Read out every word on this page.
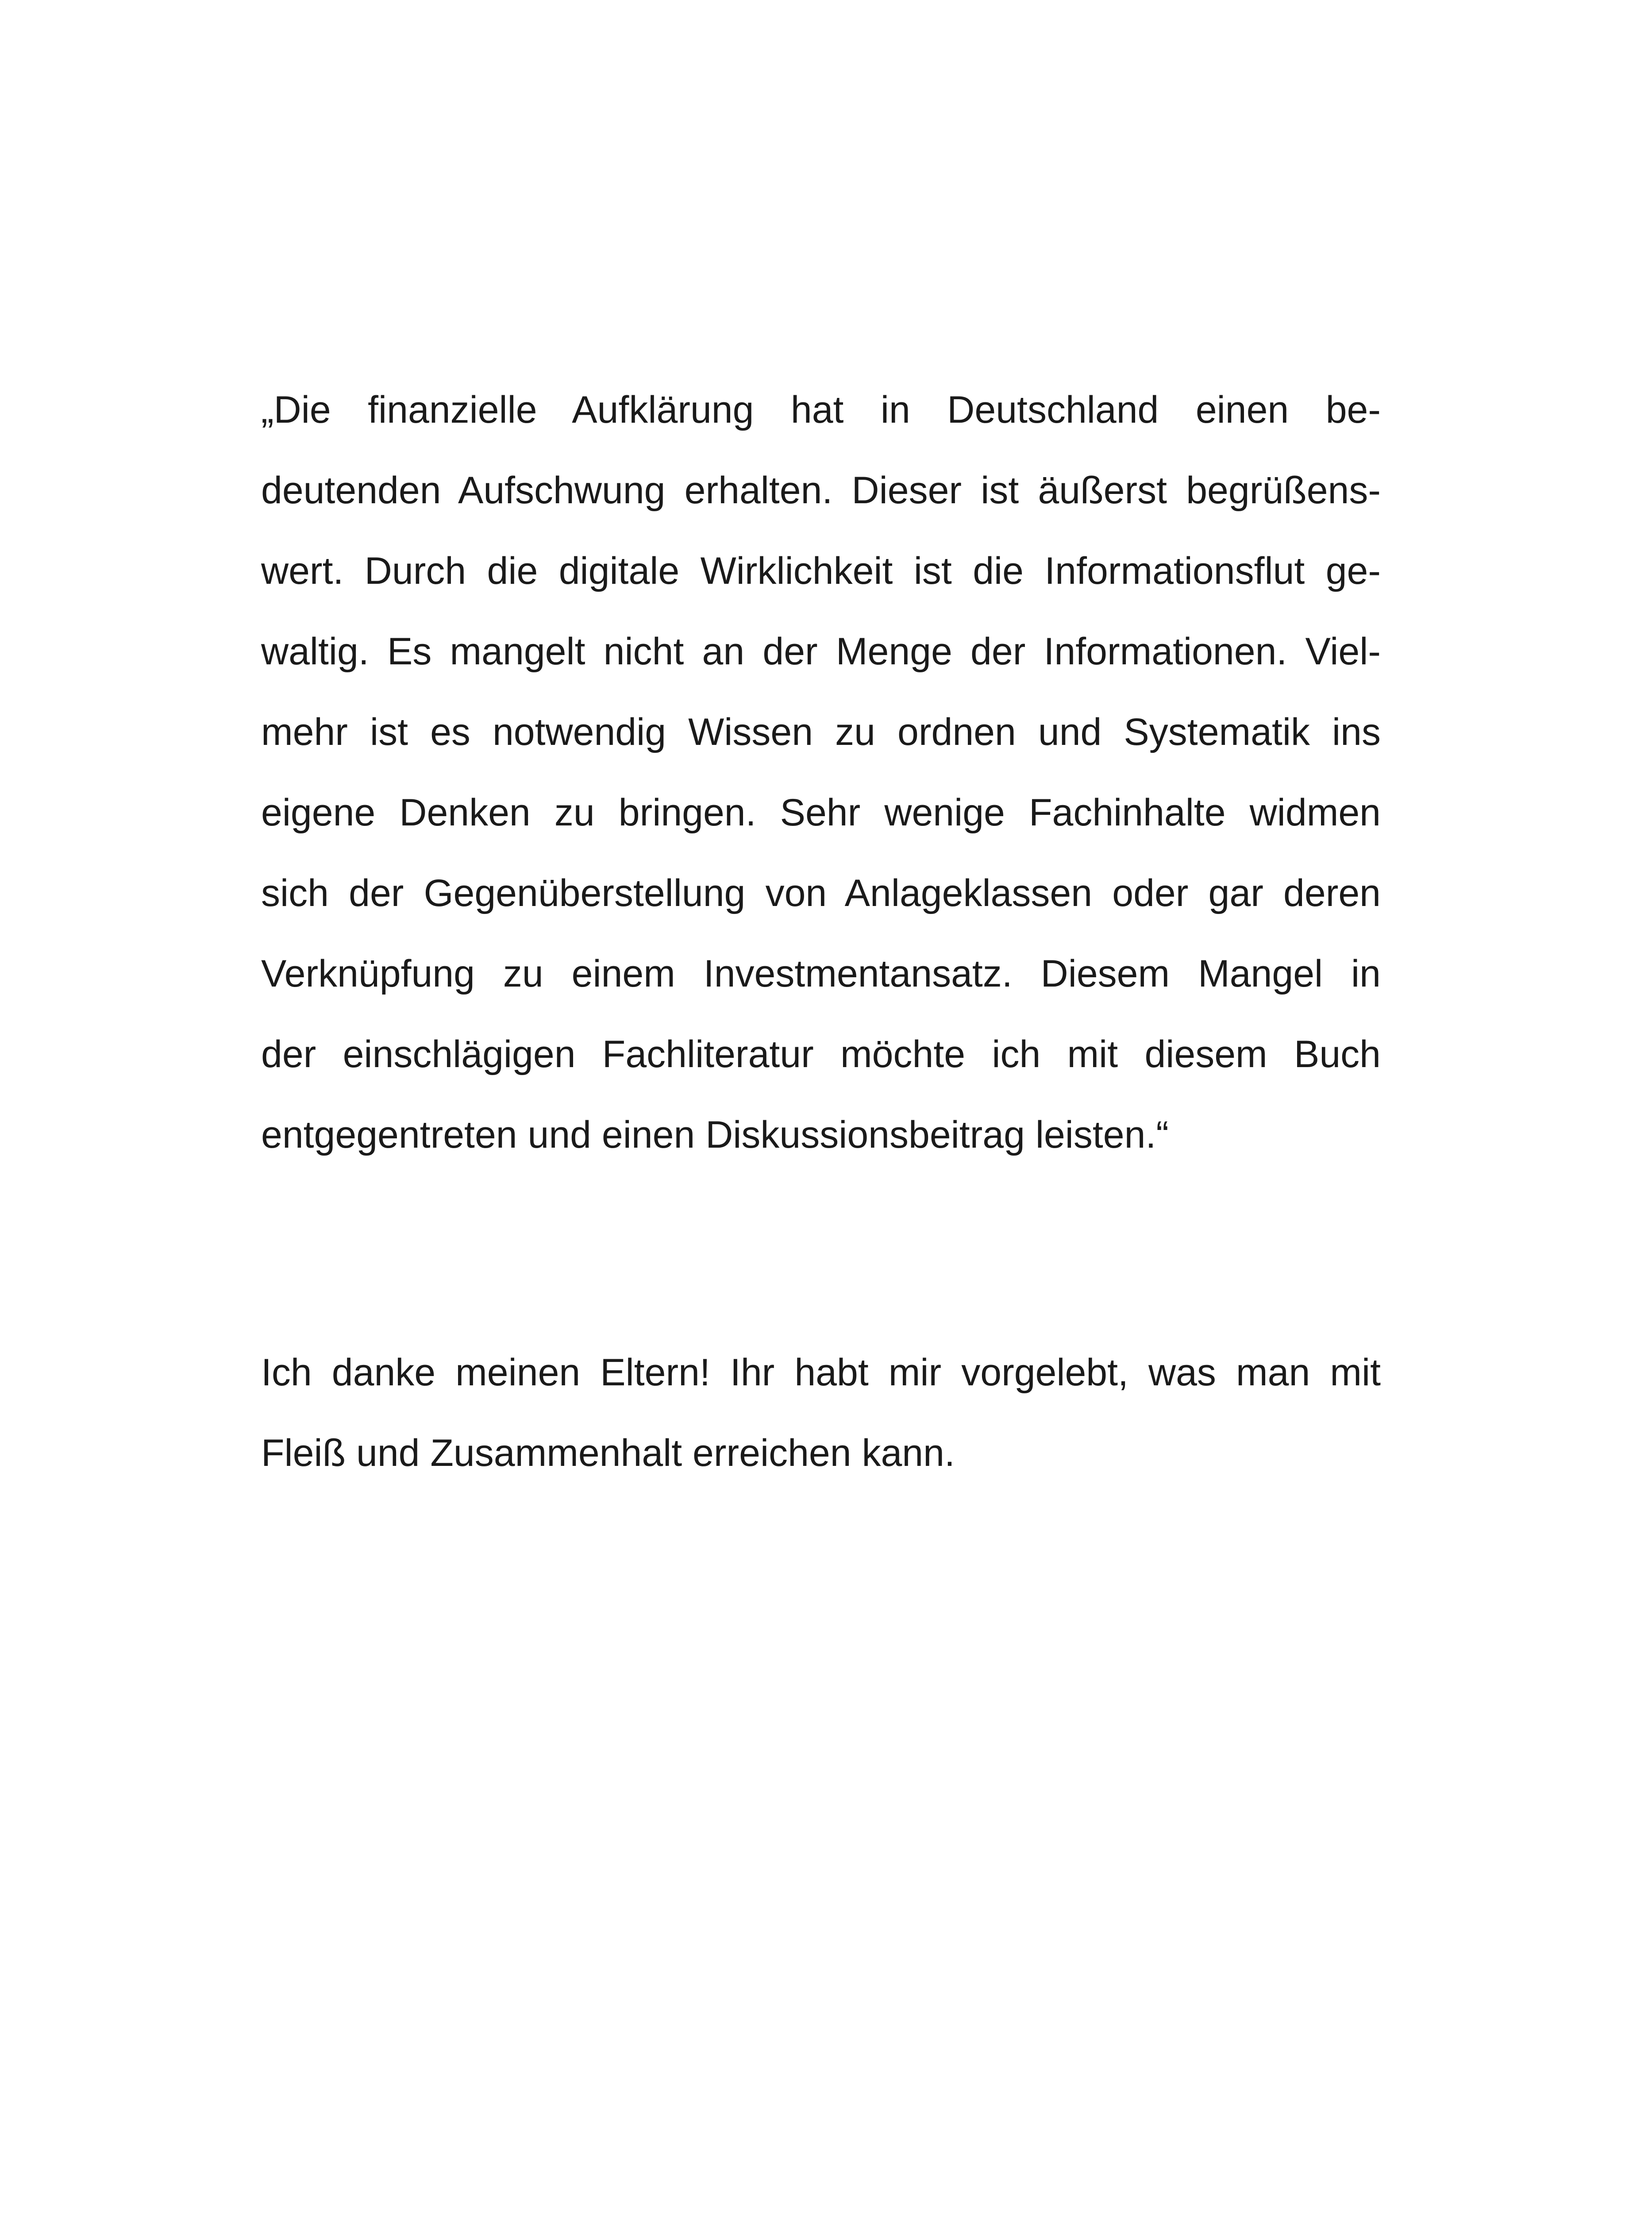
„Die finanzielle Aufklärung hat in Deutschland einen be-
deutenden Aufschwung erhalten. Dieser ist äußerst begrüßens-
wert. Durch die digitale Wirklichkeit ist die Informationsflut ge-
waltig. Es mangelt nicht an der Menge der Informationen. Viel-
mehr ist es notwendig Wissen zu ordnen und Systematik ins
eigene Denken zu bringen. Sehr wenige Fachinhalte widmen
sich der Gegenüberstellung von Anlageklassen oder gar deren
Verknüpfung zu einem Investmentansatz. Diesem Mangel in
der einschlägigen Fachliteratur möchte ich mit diesem Buch
entgegentreten und einen Diskussionsbeitrag leisten.“
Ich danke meinen Eltern! Ihr habt mir vorgelebt, was man mit
Fleiß und Zusammenhalt erreichen kann.
